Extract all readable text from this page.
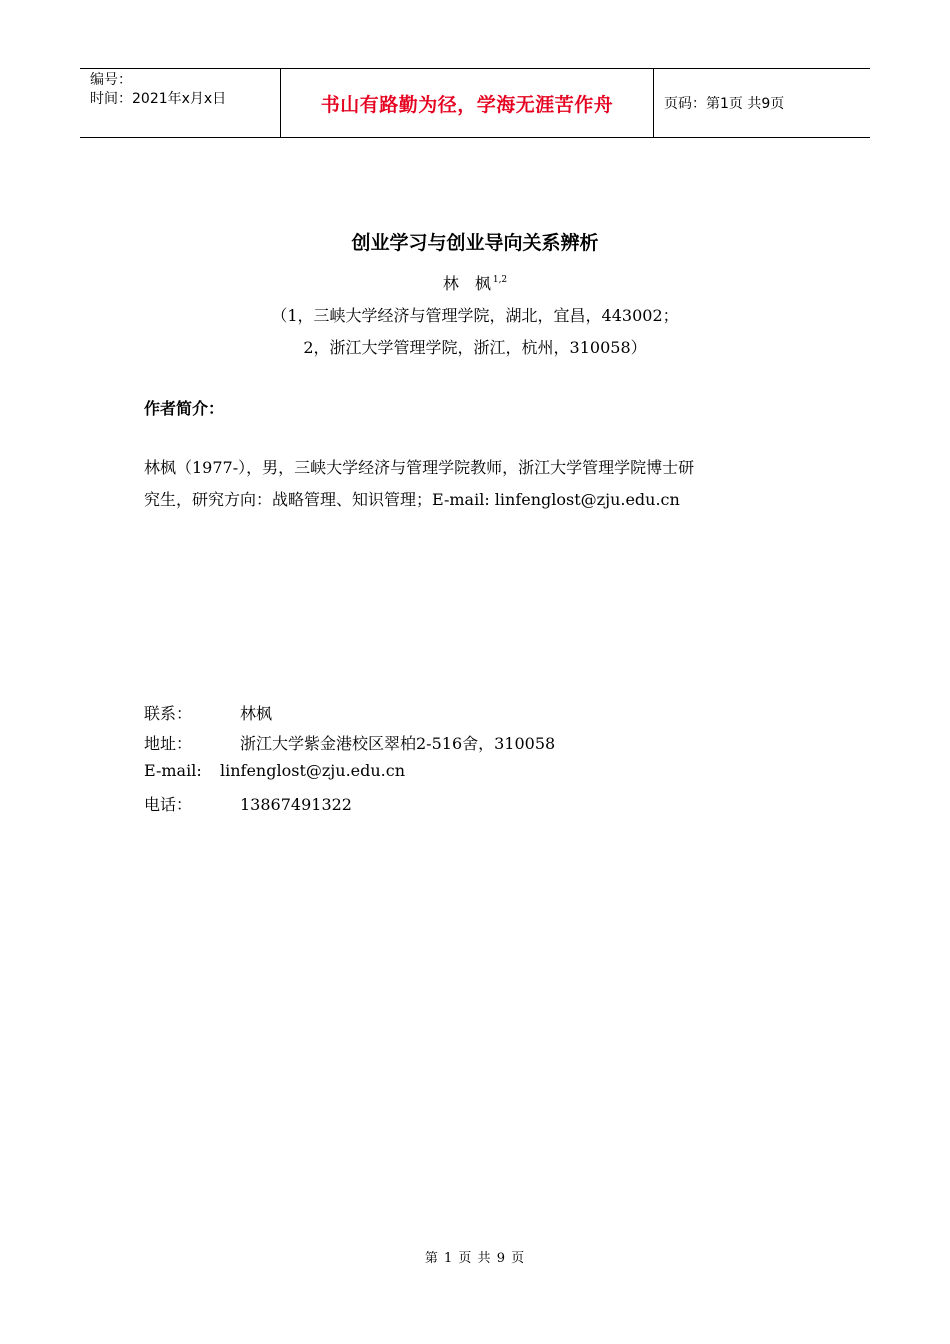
编号：
时间：2021年x月x日	书山有路勤为径，学海无涯苦作舟	页码：第1页 共9页
创业学习与创业导向关系辨析
林　枫 $^{1,2}$
（1，三峡大学经济与管理学院，湖北，宜昌，443002；
2，浙江大学管理学院，浙江，杭州，310058）
作者简介：
林枫（1977-），男，三峡大学经济与管理学院教师，浙江大学管理学院博士研
究生，研究方向：战略管理、知识管理；E-mail: linfenglost@zju.edu.cn
联系：	林枫
地址：	浙江大学紫金港校区翠柏2-516舍，310058
E-mail: linfenglost@zju.edu.cn
电话：	13867491322
第 1 页 共 9 页
